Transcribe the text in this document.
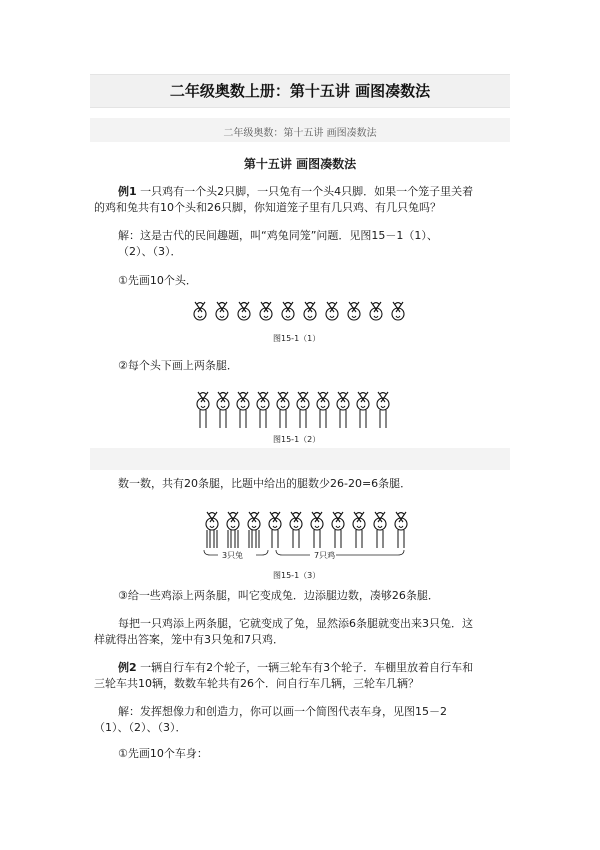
二年级奥数上册：第十五讲 画图凑数法
二年级奥数：第十五讲 画图凑数法
第十五讲 画图凑数法
例1 一只鸡有一个头2只脚，一只兔有一个头4只脚．如果一个笼子里关着
的鸡和兔共有10个头和26只脚，你知道笼子里有几只鸡、有几只兔吗？
解：这是古代的民间趣题，叫“鸡兔同笼”问题．见图15－1（1）、
（2）、（3）．
①先画10个头．
图15-1（1）
②每个头下画上两条腿．
图15-1（2）
数一数，共有20条腿，比题中给出的腿数少26-20=6条腿．
3只兔	7只鸡
图15-1（3）
③给一些鸡添上两条腿，叫它变成兔．边添腿边数，凑够26条腿．
每把一只鸡添上两条腿，它就变成了兔，显然添6条腿就变出来3只兔．这
样就得出答案，笼中有3只兔和7只鸡．
例2 一辆自行车有2个轮子，一辆三轮车有3个轮子．车棚里放着自行车和
三轮车共10辆，数数车轮共有26个．问自行车几辆，三轮车几辆？
解：发挥想像力和创造力，你可以画一个简图代表车身，见图15－2
（1）、（2）、（3）．
①先画10个车身：
